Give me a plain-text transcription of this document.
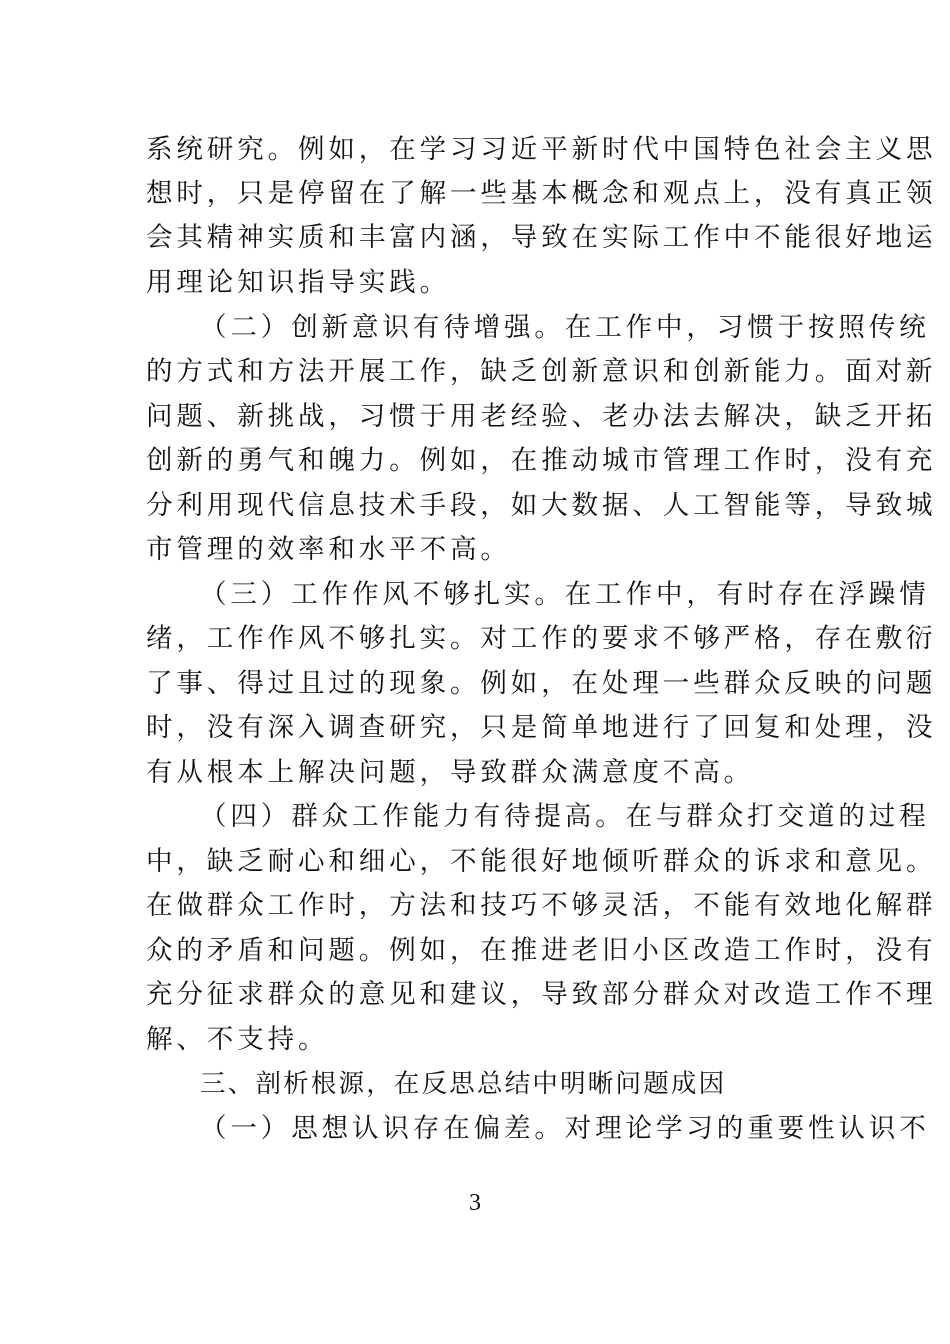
系统研究。例如，在学习习近平新时代中国特色社会主义思
想时，只是停留在了解一些基本概念和观点上，没有真正领
会其精神实质和丰富内涵，导致在实际工作中不能很好地运
用理论知识指导实践。
（二）创新意识有待增强。在工作中，习惯于按照传统
的方式和方法开展工作，缺乏创新意识和创新能力。面对新
问题、新挑战，习惯于用老经验、老办法去解决，缺乏开拓
创新的勇气和魄力。例如，在推动城市管理工作时，没有充
分利用现代信息技术手段，如大数据、人工智能等，导致城
市管理的效率和水平不高。
（三）工作作风不够扎实。在工作中，有时存在浮躁情
绪，工作作风不够扎实。对工作的要求不够严格，存在敷衍
了事、得过且过的现象。例如，在处理一些群众反映的问题
时，没有深入调查研究，只是简单地进行了回复和处理，没
有从根本上解决问题，导致群众满意度不高。
（四）群众工作能力有待提高。在与群众打交道的过程
中，缺乏耐心和细心，不能很好地倾听群众的诉求和意见。
在做群众工作时，方法和技巧不够灵活，不能有效地化解群
众的矛盾和问题。例如，在推进老旧小区改造工作时，没有
充分征求群众的意见和建议，导致部分群众对改造工作不理
解、不支持。
三、剖析根源，在反思总结中明晰问题成因
（一）思想认识存在偏差。对理论学习的重要性认识不
3
